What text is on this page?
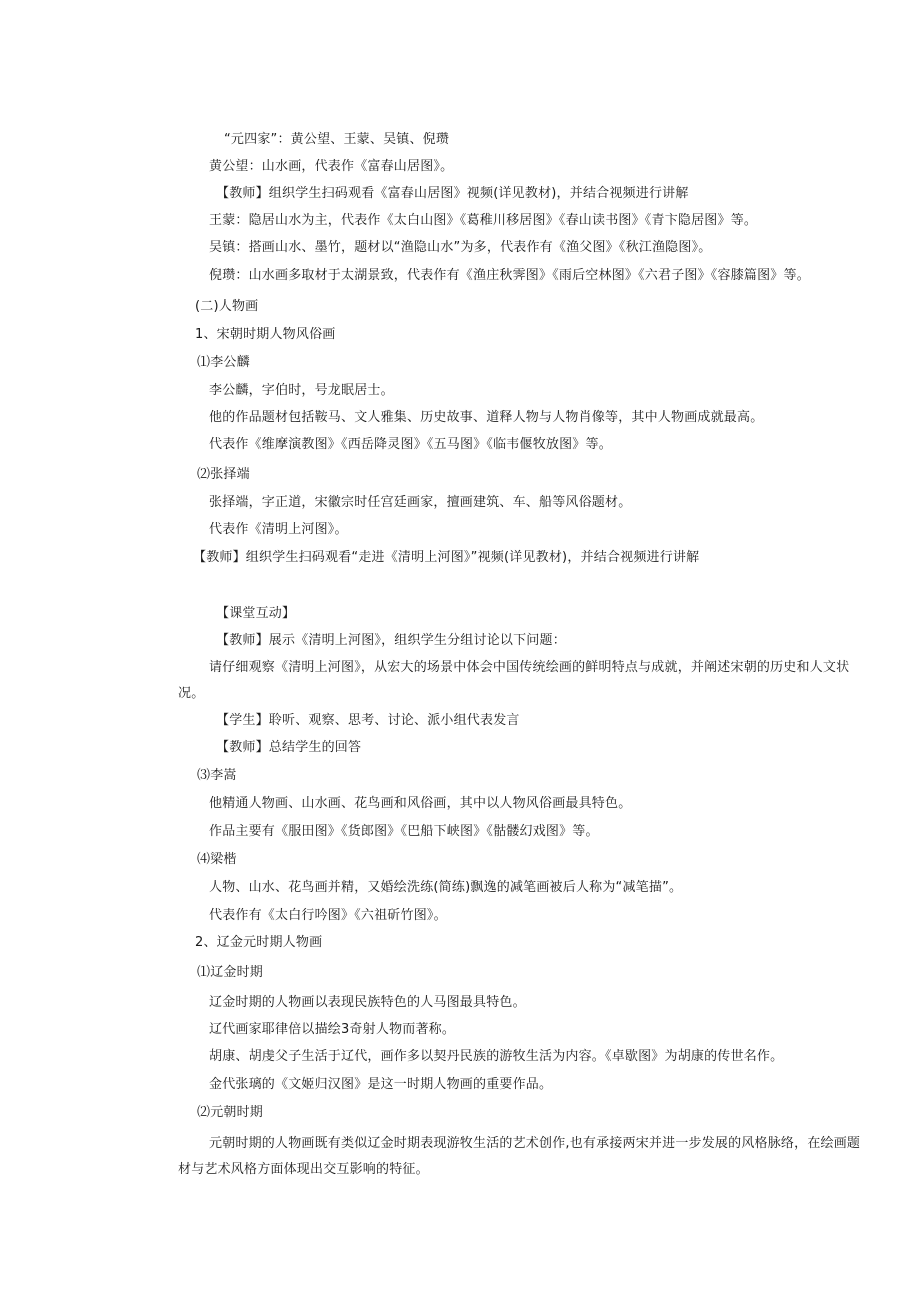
“元四家”：黄公望、王蒙、吴镇、倪瓒
黄公望：山水画，代表作《富春山居图》。
【教师】组织学生扫码观看《富春山居图》视频(详见教材)，并结合视频进行讲解
王蒙：隐居山水为主，代表作《太白山图》《葛稚川移居图》《春山读书图》《青卞隐居图》等。
吴镇：搭画山水、墨竹，题材以“渔隐山水”为多，代表作有《渔父图》《秋江渔隐图》。
倪瓒：山水画多取材于太湖景致，代表作有《渔庄秋霁图》《雨后空林图》《六君子图》《容膝篇图》等。
(二)人物画
1、宋朝时期人物风俗画
⑴李公麟
李公麟，字伯时，号龙眠居士。
他的作品题材包括鞍马、文人雅集、历史故事、道释人物与人物肖像等，其中人物画成就最高。
代表作《维摩演教图》《西岳降灵图》《五马图》《临韦偃牧放图》等。
⑵张择端
张择端，字正道，宋徽宗时任宫廷画家，擅画建筑、车、船等风俗题材。
代表作《清明上河图》。
【教师】组织学生扫码观看“走进《清明上河图》”视频(详见教材)，并结合视频进行讲解
【课堂互动】
【教师】展示《清明上河图》，组织学生分组讨论以下问题：
请仔细观察《清明上河图》，从宏大的场景中体会中国传统绘画的鲜明特点与成就，并阐述宋朝的历史和人文状况。
【学生】聆听、观察、思考、讨论、派小组代表发言
【教师】总结学生的回答
⑶李嵩
他精通人物画、山水画、花鸟画和风俗画，其中以人物风俗画最具特色。
作品主要有《服田图》《货郎图》《巴船下峡图》《骷髅幻戏图》等。
⑷梁楷
人物、山水、花鸟画并精，又婚绘洗练(简练)飘逸的减笔画被后人称为“减笔描”。
代表作有《太白行吟图》《六祖斫竹图》。
2、辽金元时期人物画
⑴辽金时期
辽金时期的人物画以表现民族特色的人马图最具特色。
辽代画家耶律倍以描绘3奇射人物而著称。
胡康、胡虔父子生活于辽代，画作多以契丹民族的游牧生活为内容。《卓歇图》为胡康的传世名作。
金代张璃的《文姬归汉图》是这一时期人物画的重要作品。
⑵元朝时期
元朝时期的人物画既有类似辽金时期表现游牧生活的艺术创作,也有承接两宋并进一步发展的风格脉络，在绘画题材与艺术风格方面体现出交互影响的特征。
